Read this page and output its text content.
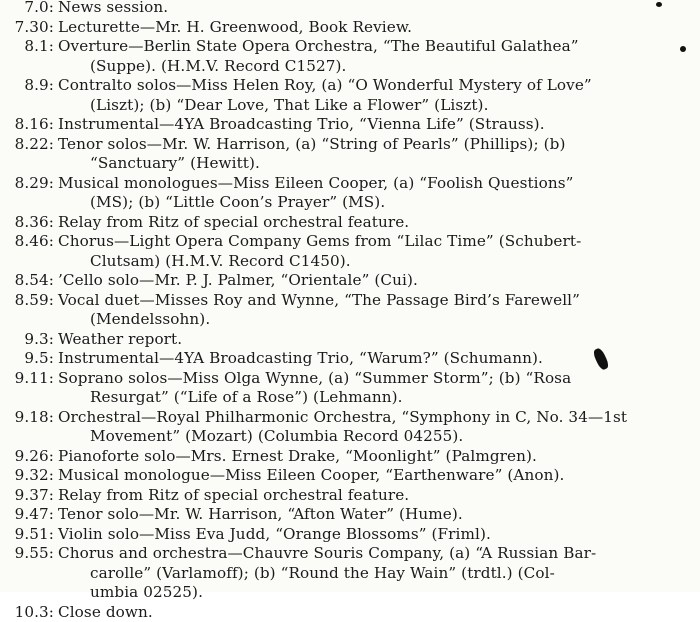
7.0: News session.
7.30: Lecturette—Mr. H. Greenwood, Book Review.
8.1: Overture—Berlin State Opera Orchestra, “The Beautiful Galathea”
(Suppe). (H.M.V. Record C1527).
8.9: Contralto solos—Miss Helen Roy, (a) “O Wonderful Mystery of Love”
(Liszt); (b) “Dear Love, That Like a Flower” (Liszt).
8.16: Instrumental—4YA Broadcasting Trio, “Vienna Life” (Strauss).
8.22: Tenor solos—Mr. W. Harrison, (a) “String of Pearls” (Phillips); (b)
“Sanctuary” (Hewitt).
8.29: Musical monologues—Miss Eileen Cooper, (a) “Foolish Questions”
(MS); (b) “Little Coon’s Prayer” (MS).
8.36: Relay from Ritz of special orchestral feature.
8.46: Chorus—Light Opera Company Gems from “Lilac Time” (Schubert-
Clutsam) (H.M.V. Record C1450).
8.54: ’Cello solo—Mr. P. J. Palmer, “Orientale” (Cui).
8.59: Vocal duet—Misses Roy and Wynne, “The Passage Bird’s Farewell”
(Mendelssohn).
9.3: Weather report.
9.5: Instrumental—4YA Broadcasting Trio, “Warum?” (Schumann).
9.11: Soprano solos—Miss Olga Wynne, (a) “Summer Storm”; (b) “Rosa
Resurgat” (“Life of a Rose”) (Lehmann).
9.18: Orchestral—Royal Philharmonic Orchestra, “Symphony in C, No. 34—1st
Movement” (Mozart) (Columbia Record 04255).
9.26: Pianoforte solo—Mrs. Ernest Drake, “Moonlight” (Palmgren).
9.32: Musical monologue—Miss Eileen Cooper, “Earthenware” (Anon).
9.37: Relay from Ritz of special orchestral feature.
9.47: Tenor solo—Mr. W. Harrison, “Afton Water” (Hume).
9.51: Violin solo—Miss Eva Judd, “Orange Blossoms” (Friml).
9.55: Chorus and orchestra—Chauvre Souris Company, (a) “A Russian Bar-
carolle” (Varlamoff); (b) “Round the Hay Wain” (trdtl.) (Col-
umbia 02525).
10.3: Close down.
